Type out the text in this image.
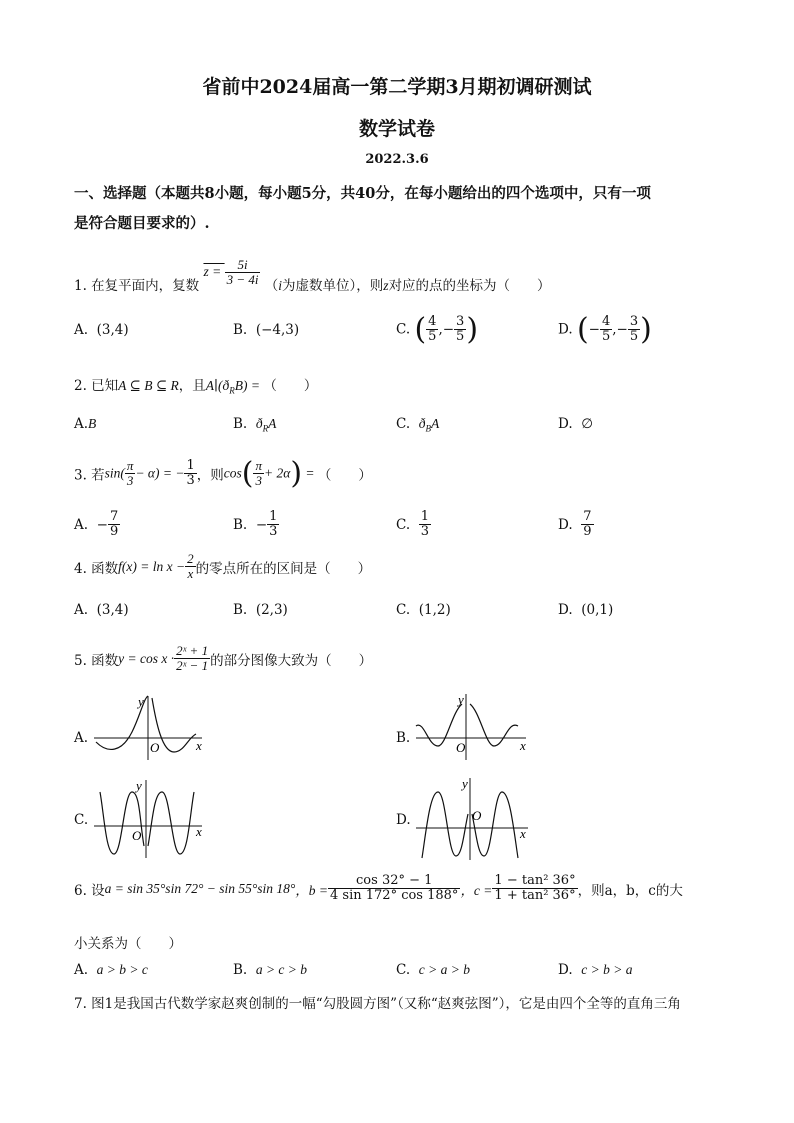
省前中2024届高一第二学期3月期初调研测试
数学试卷
2022.3.6
一、选择题（本题共8小题，每小题5分，共40分，在每小题给出的四个选项中，只有一项
是符合题目要求的）.
1. 在复平面内，复数 $z = \frac{5i}{3 - 4i} (i$为虚数单位），则z对应的点的坐标为（　　）
A. (3,4)	B. (−4,3)	C. ( $\frac{4}{5}$ ,− $\frac{3}{5}$ )	D. (− $\frac{4}{5}$ ,− $\frac{3}{5}$ )
2. 已知A ⊆ B ⊆ R，且$A∣(ð_RB)$ = （　　）
A.B	B. $ð_RA$	C. $ð_BA$	D. ∅
3. 若$\sin( \frac{\pi}{3} - \alpha)$ = − $\frac{1}{3}$ ，则$\cos( \frac{\pi}{3} + 2\alpha)$ = （　　）
A. − $\frac{7}{9}$	B. − $\frac{1}{3}$	C. $\frac{1}{3}$	D. $\frac{7}{9}$
4. 函数$f(x) = \ln x - \frac{2}{x}$ 的零点所在的区间是（　　）
A. (3,4)	B. (2,3)	C. (1,2)	D. (0,1)
5. 函数$y = \cos x \cdot \frac{\text{2ˣ + 1}}{\text{2ˣ − 1}}$ 的部分图像大致为（　　）
A.
y
O	x	B.
y
O	x
C.
y
O	x
D.
y
O
x
6. 设a = sin 35°sin 72° − sin 55°sin 18°，$b = \frac{\cos 32^\circ - 1}{4 \sin 172^\circ \cos 188^\circ}$ ，$c = \frac{\text{1 − tan² 36°}}{\text{1 + tan² 36°}}$ ，则a，b，c的大
小关系为（　　）
A. a > b > c	B. a > c > b	C. c > a > b	D. c > b > a
7. 图1是我国古代数学家赵爽创制的一幅“勾股圆方图”（又称“赵爽弦图”），它是由四个全等的直角三角
